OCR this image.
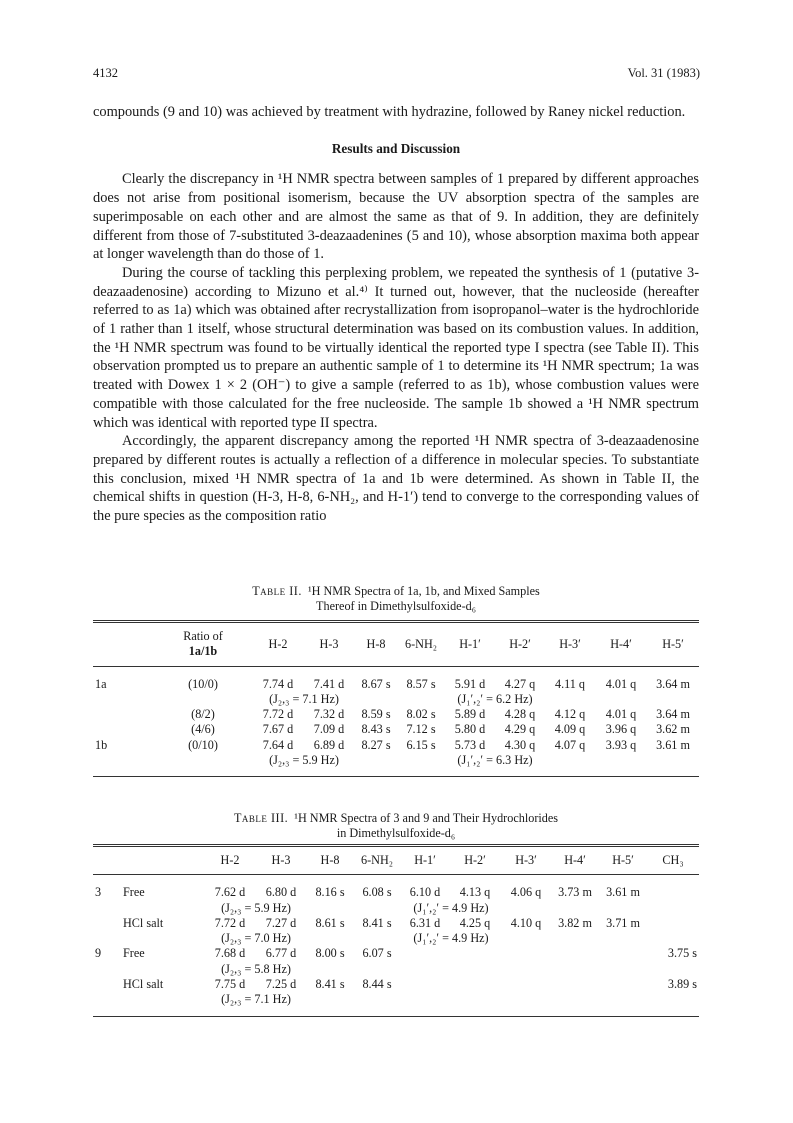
4132	Vol. 31 (1983)

compounds (9 and 10) was achieved by treatment with hydrazine, followed by Raney nickel reduction.

Results and Discussion

Clearly the discrepancy in ¹H NMR spectra between samples of 1 prepared by different approaches does not arise from positional isomerism, because the UV absorption spectra of the samples are superimposable on each other and are almost the same as that of 9. In addition, they are definitely different from those of 7-substituted 3-deazaadenines (5 and 10), whose absorption maxima both appear at longer wavelength than do those of 1.

During the course of tackling this perplexing problem, we repeated the synthesis of 1 (putative 3-deazaadenosine) according to Mizuno et al.⁴⁾ It turned out, however, that the nucleoside (hereafter referred to as 1a) which was obtained after recrystallization from isopropanol–water is the hydrochloride of 1 rather than 1 itself, whose structural determination was based on its combustion values. In addition, the ¹H NMR spectrum was found to be virtually identical the reported type I spectra (see Table II). This observation prompted us to prepare an authentic sample of 1 to determine its ¹H NMR spectrum; 1a was treated with Dowex 1 × 2 (OH⁻) to give a sample (referred to as 1b), whose combustion values were compatible with those calculated for the free nucleoside. The sample 1b showed a ¹H NMR spectrum which was identical with reported type II spectra.

Accordingly, the apparent discrepancy among the reported ¹H NMR spectra of 3-deazaadenosine prepared by different routes is actually a reflection of a difference in molecular species. To substantiate this conclusion, mixed ¹H NMR spectra of 1a and 1b were determined. As shown in Table II, the chemical shifts in question (H-3, H-8, 6-NH₂, and H-1′) tend to converge to the corresponding values of the pure species as the composition ratio

Table II. ¹H NMR Spectra of 1a, 1b, and Mixed Samples
Thereof in Dimethylsulfoxide-d₆

	Ratio of
1a/1b	H-2	H-3	H-8	6-NH₂	H-1′	H-2′	H-3′	H-4′	H-5′

1a	(10/0)	7.74 d	7.41 d	8.67 s	8.57 s	5.91 d	4.27 q	4.11 q	4.01 q	3.64 m
		(J₂,₃ = 7.1 Hz)				(J₁′,₂′ = 6.2 Hz)				
	(8/2)	7.72 d	7.32 d	8.59 s	8.02 s	5.89 d	4.28 q	4.12 q	4.01 q	3.64 m
	(4/6)	7.67 d	7.09 d	8.43 s	7.12 s	5.80 d	4.29 q	4.09 q	3.96 q	3.62 m
1b	(0/10)	7.64 d	6.89 d	8.27 s	6.15 s	5.73 d	4.30 q	4.07 q	3.93 q	3.61 m
		(J₂,₃ = 5.9 Hz)				(J₁′,₂′ = 6.3 Hz)				

Table III. ¹H NMR Spectra of 3 and 9 and Their Hydrochlorides
in Dimethylsulfoxide-d₆

		H-2	H-3	H-8	6-NH₂	H-1′	H-2′	H-3′	H-4′	H-5′	CH₃

3	Free	7.62 d	6.80 d	8.16 s	6.08 s	6.10 d	4.13 q	4.06 q	3.73 m	3.61 m	
		(J₂,₃ = 5.9 Hz)				(J₁′,₂′ = 4.9 Hz)					
	HCl salt	7.72 d	7.27 d	8.61 s	8.41 s	6.31 d	4.25 q	4.10 q	3.82 m	3.71 m	
		(J₂,₃ = 7.0 Hz)				(J₁′,₂′ = 4.9 Hz)					
9	Free	7.68 d	6.77 d	8.00 s	6.07 s						3.75 s
		(J₂,₃ = 5.8 Hz)									
	HCl salt	7.75 d	7.25 d	8.41 s	8.44 s						3.89 s
		(J₂,₃ = 7.1 Hz)									
